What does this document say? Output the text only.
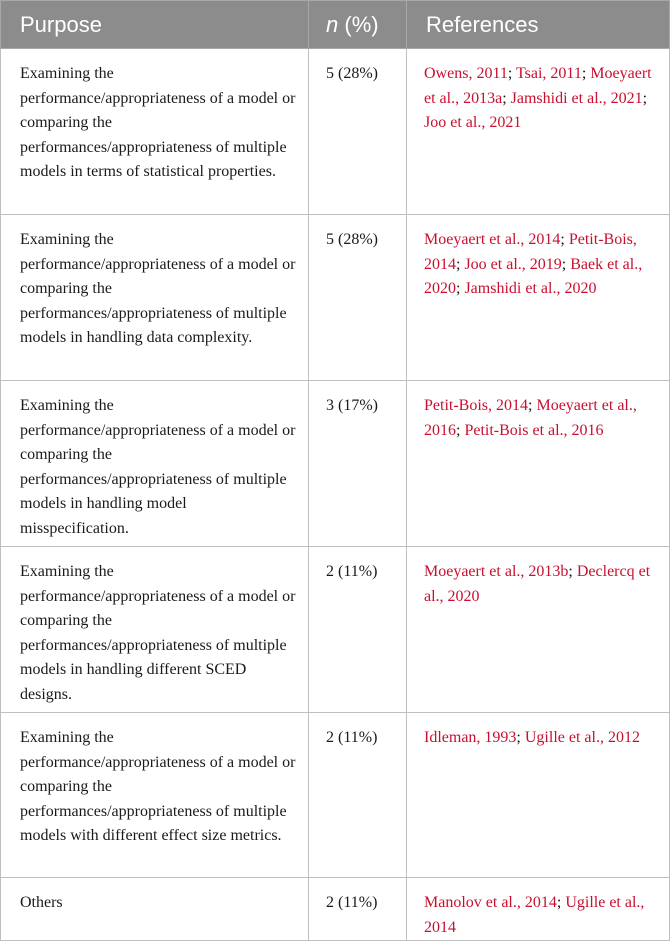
Purpose	n (%)	References
Examining the performance/appropriateness of a model or comparing the performances/appropriateness of multiple models in terms of statistical properties.	5 (28%)	Owens, 2011; Tsai, 2011; Moeyaert et al., 2013a; Jamshidi et al., 2021; Joo et al., 2021
Examining the performance/appropriateness of a model or comparing the performances/appropriateness of multiple models in handling data complexity.	5 (28%)	Moeyaert et al., 2014; Petit-Bois, 2014; Joo et al., 2019; Baek et al., 2020; Jamshidi et al., 2020
Examining the performance/appropriateness of a model or comparing the performances/appropriateness of multiple models in handling model misspecification.	3 (17%)	Petit-Bois, 2014; Moeyaert et al., 2016; Petit-Bois et al., 2016
Examining the performance/appropriateness of a model or comparing the performances/appropriateness of multiple models in handling different SCED designs.	2 (11%)	Moeyaert et al., 2013b; Declercq et al., 2020
Examining the performance/appropriateness of a model or comparing the performances/appropriateness of multiple models with different effect size metrics.	2 (11%)	Idleman, 1993; Ugille et al., 2012
Others	2 (11%)	Manolov et al., 2014; Ugille et al., 2014
